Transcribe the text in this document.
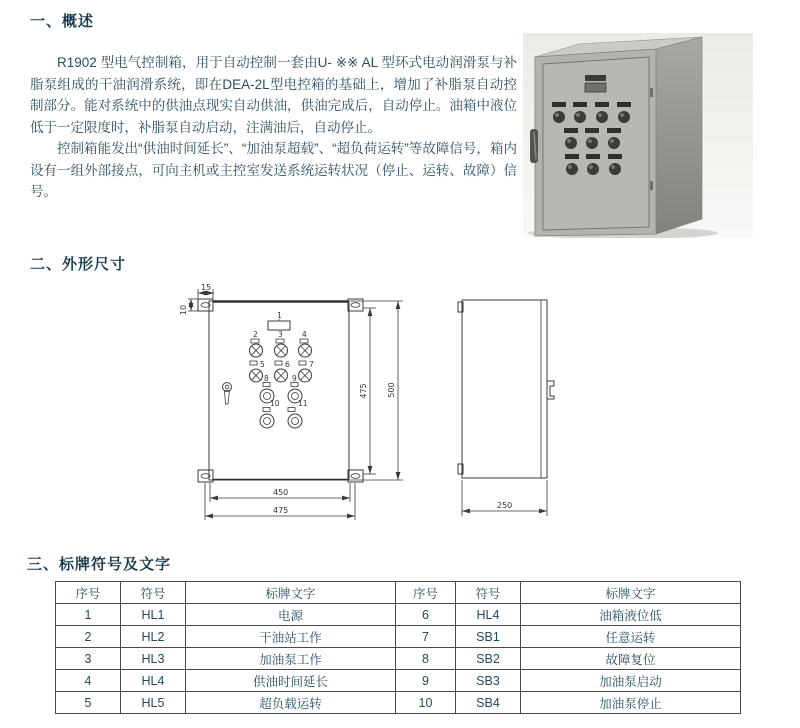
一、概述

R1902 型电气控制箱，用于自动控制一套由U- ※※ AL 型环式电动润滑泵与补脂泵组成的干油润滑系统，即在DEA-2L型电控箱的基础上，增加了补脂泵自动控制部分。能对系统中的供油点现实自动供油，供油完成后，自动停止。油箱中液位低于一定限度时，补脂泵自动启动，注满油后，自动停止。

控制箱能发出“供油时间延长”、“加油泵超载”、“超负荷运转”等故障信号，箱内设有一组外部接点，可向主机或主控室发送系统运转状况（停止、运转、故障）信号。

二、外形尺寸
1
2	3	4
5	6	7
8	9
10 11
15
10
475 500
450
475
250
三、标牌符号及文字
序号	符号	标牌文字	序号	符号	标牌文字
1	HL1	电源	6	HL4	油箱液位低
2	HL2	干油站工作	7	SB1	任意运转
3	HL3	加油泵工作	8	SB2	故障复位
4	HL4	供油时间延长	9	SB3	加油泵启动
5	HL5	超负载运转	10	SB4	加油泵停止
